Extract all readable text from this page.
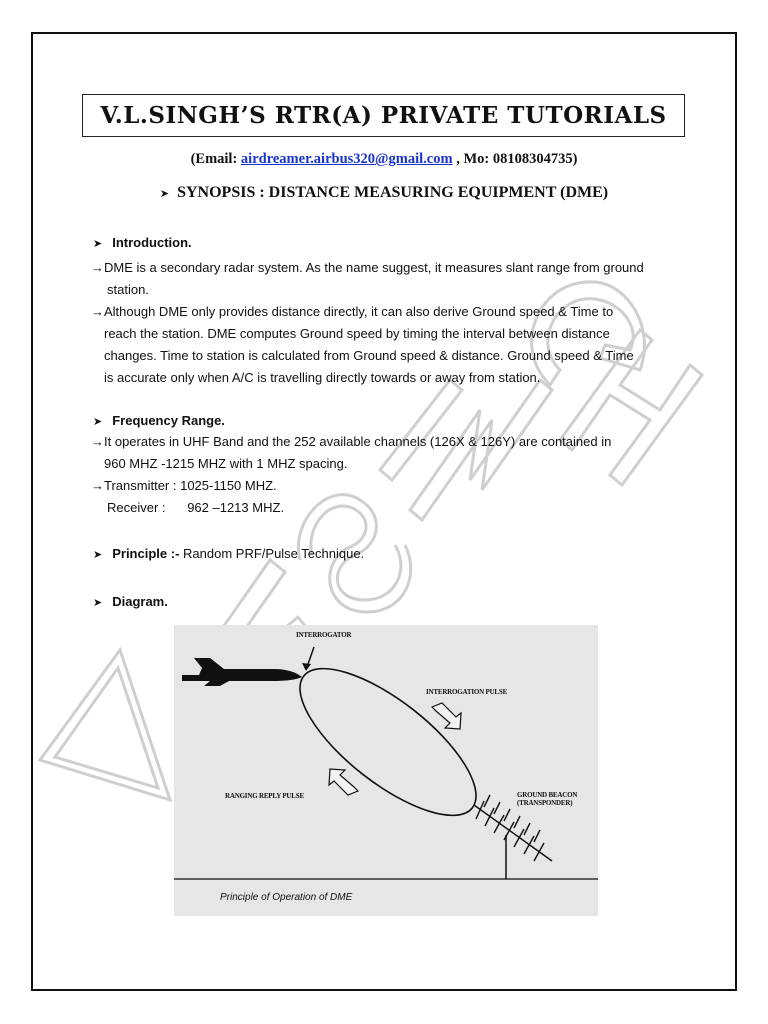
V.L.SINGH’S RTR(A) PRIVATE TUTORIALS
(Email: airdreamer.airbus320@gmail.com , Mo: 08108304735)
➤ SYNOPSIS : DISTANCE MEASURING EQUIPMENT (DME)
➤ Introduction.
→DME is a secondary radar system. As the name suggest, it measures slant range from ground
station.
→Although DME only provides distance directly, it can also derive Ground speed & Time to
reach the station. DME computes Ground speed by timing the interval between distance
changes. Time to station is calculated from Ground speed & distance. Ground speed & Time
is accurate only when A/C is travelling directly towards or away from station.
➤ Frequency Range.
→It operates in UHF Band and the 252 available channels (126X & 126Y) are contained in
960 MHZ -1215 MHZ with 1 MHZ spacing.
→Transmitter : 1025-1150 MHZ.
Receiver :      962 –1213 MHZ.
➤ Principle :- Random PRF/Pulse Technique.
➤ Diagram.
INTERROGATOR
INTERROGATION PULSE
RANGING REPLY PULSE	GROUND BEACON
(TRANSPONDER)
Principle of Operation of DME
